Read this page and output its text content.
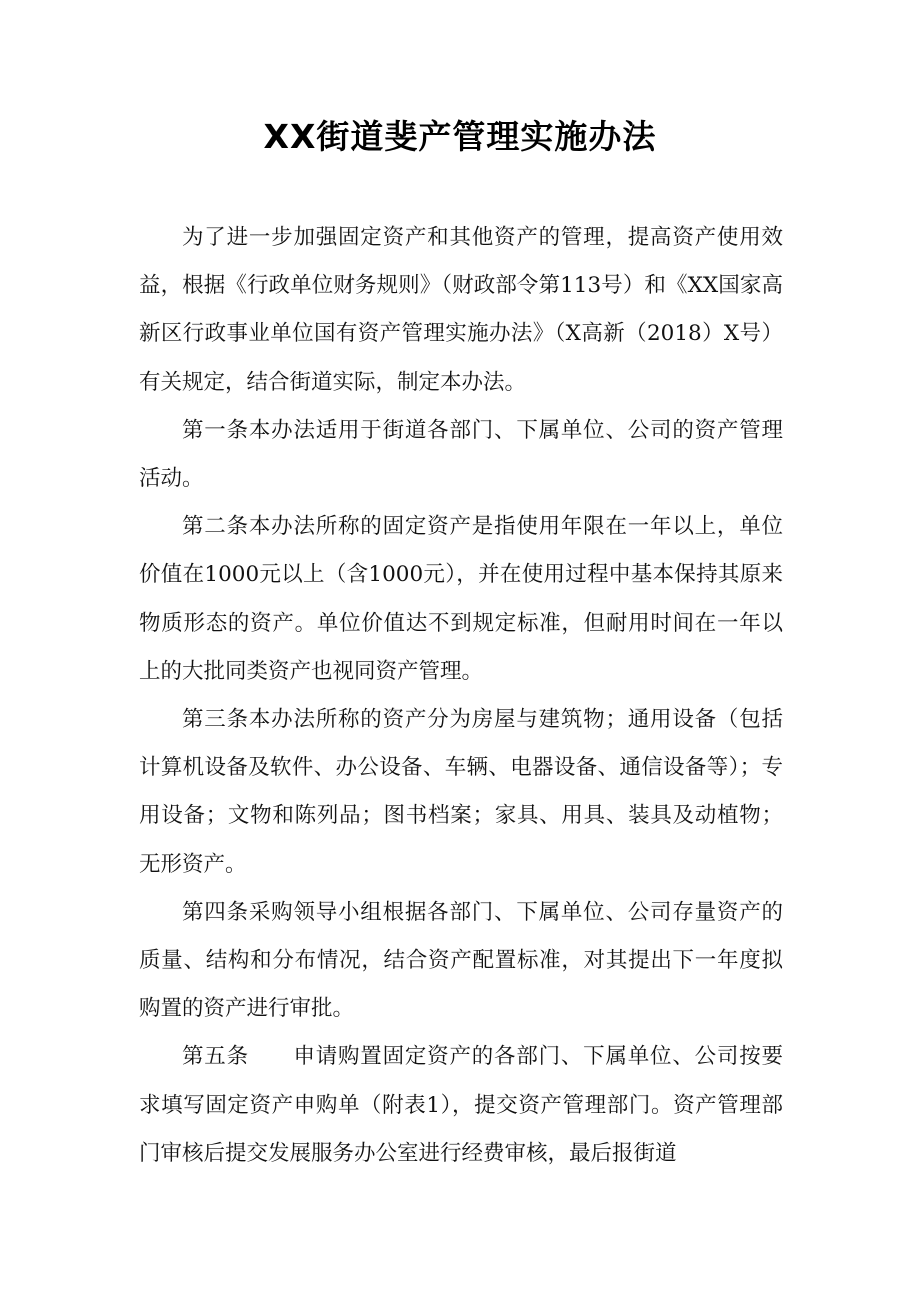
XX街道斐产管理实施办法

为了进一步加强固定资产和其他资产的管理，提高资产使用效益，根据《行政单位财务规则》（财政部令第113号）和《XX国家高新区行政事业单位国有资产管理实施办法》（X高新（2018）X号）有关规定，结合街道实际，制定本办法。

第一条本办法适用于街道各部门、下属单位、公司的资产管理活动。

第二条本办法所称的固定资产是指使用年限在一年以上，单位价值在1000元以上（含1000元），并在使用过程中基本保持其原来物质形态的资产。单位价值达不到规定标准，但耐用时间在一年以上的大批同类资产也视同资产管理。

第三条本办法所称的资产分为房屋与建筑物；通用设备（包括计算机设备及软件、办公设备、车辆、电器设备、通信设备等）；专用设备；文物和陈列品；图书档案；家具、用具、装具及动植物；无形资产。

第四条采购领导小组根据各部门、下属单位、公司存量资产的质量、结构和分布情况，结合资产配置标准，对其提出下一年度拟购置的资产进行审批。

第五条　　申请购置固定资产的各部门、下属单位、公司按要求填写固定资产申购单（附表1），提交资产管理部门。资产管理部门审核后提交发展服务办公室进行经费审核，最后报街道
